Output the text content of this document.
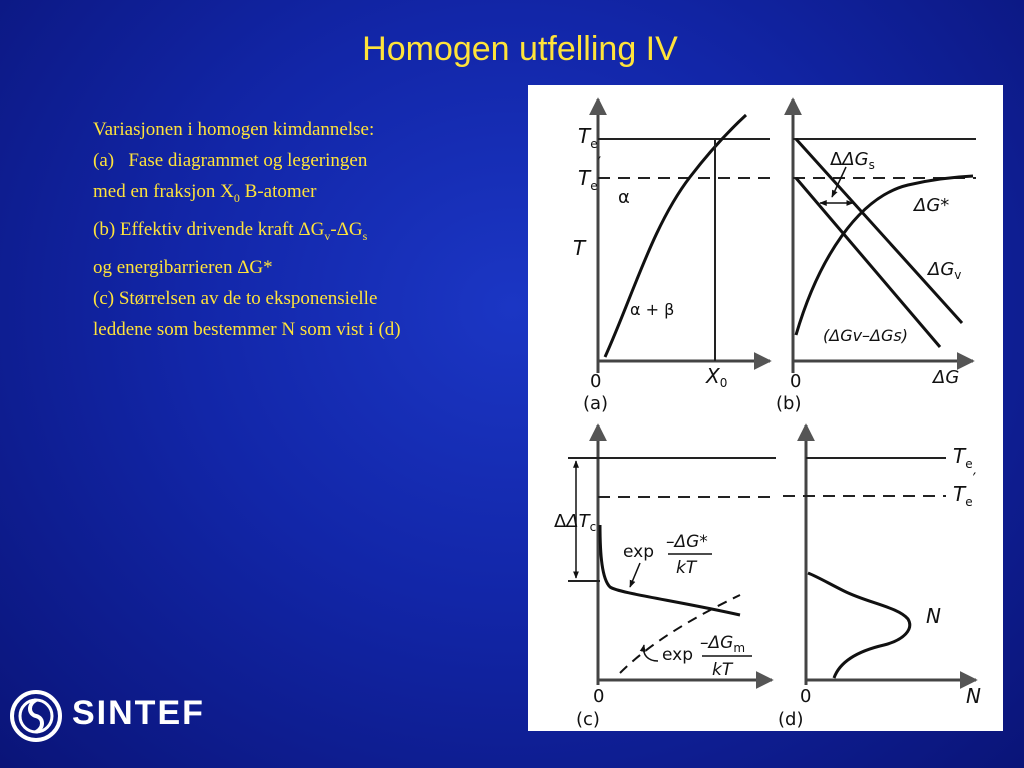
Homogen utfelling IV
Variasjonen i homogen kimdannelse:
(a)   Fase diagrammet og legeringen
med en fraksjon $X_0$ B-atomer
(b) Effektiv drivende kraft $\Delta G_v-\Delta G_s$
og energibarrieren ΔG*
(c) Størrelsen av de to eksponensielle
leddene som bestemmer N som vist i (d)
$T_e$
$T_e'$
T
α
α + β
0	$X_0$
(a)
$\Delta\Delta G_s$
ΔG*
$\Delta G_v$
(ΔGv–ΔGs)
0	ΔG
(b)
$\Delta\Delta T_c$
exp –ΔG*
kT
exp
$-\Delta G_m$
kT
0
(c)
$T_e$
$T_e'$
N
0	N
(d)
SINTEF
